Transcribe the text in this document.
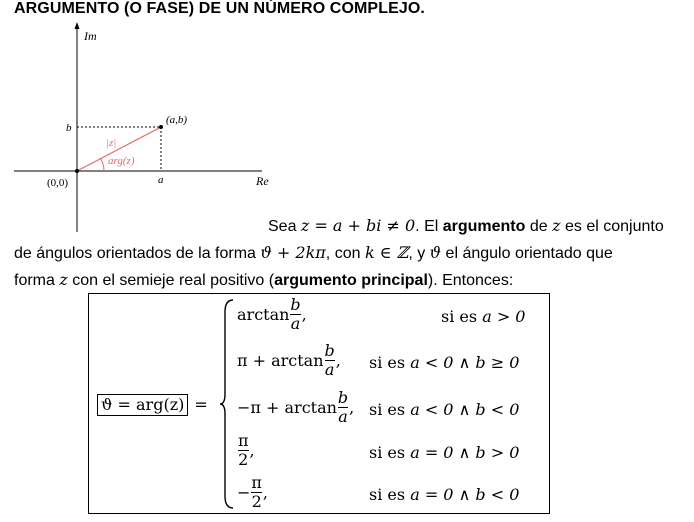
ARGUMENTO (O FASE) DE UN NÚMERO COMPLEJO.
Im
Re
(0,0)
(a,b)
b
a
|z|
arg(z)
Sea z = a + bi ≠ 0. El argumento de z es el conjunto
de ángulos orientados de la forma ϑ + 2kπ, con k ∈ ℤ, y ϑ el ángulo orientado que
forma z con el semieje real positivo (argumento principal). Entonces:
ϑ = arg(z) =
$\arctan \frac{b}{a}$ ,	si es a > 0
$\pi + \arctan \frac{b}{a}$ , si es a < 0 ∧ b ≥ 0
$-\pi + \arctan \frac{b}{a}$ , si es a < 0 ∧ b < 0
$\frac{\pi}{2}$ ,	si es a = 0 ∧ b > 0
− $\frac{\pi}{2}$ ,	si es a = 0 ∧ b < 0
